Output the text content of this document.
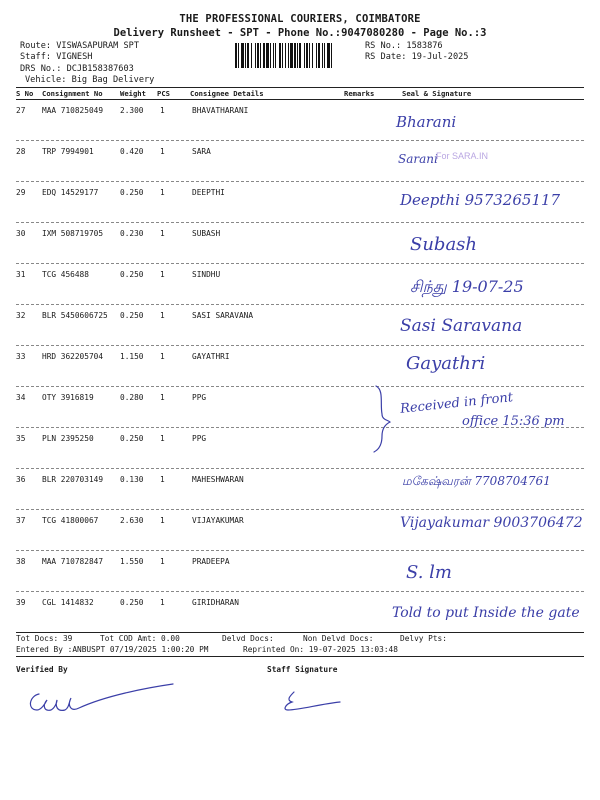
THE PROFESSIONAL COURIERS, COIMBATORE
Delivery Runsheet - SPT - Phone No.:9047080280 - Page No.:3
Route: VISWASAPURAM SPT
Staff: VIGNESH
DRS No.: DCJB158387603
Vehicle: Big Bag Delivery
RS No.: 1583876
RS Date: 19-Jul-2025
S No Consignment No Weight PCS	Consignee Details	Remarks	Seal & Signature
27 MAA 710825049 2.300 1	BHAVATHARANI
Bharani
28 TRP 7994901	0.420 1	SARA
Sarani
29 EDQ 14529177	0.250 1	DEEPTHI	Deepthi 9573265117
30 IXM 508719705 0.230 1	SUBASH
Subash
31 TCG 456488	0.250 1	SINDHU
சிந்து 19-07-25
32 BLR 5450606725 0.250 1	SASI SARAVANA
Sasi Saravana
33 HRD 362205704 1.150 1	GAYATHRI	Gayathri
34 OTY 3916819	0.280 1	PPG
35 PLN 2395250	0.250 1	PPG
36 BLR 220703149 0.130 1	MAHESHWARAN	மகேஷ்வரன் 7708704761
37 TCG 41800067	2.630 1	VIJAYAKUMAR	Vijayakumar 9003706472
38 MAA 710782847 1.550 1	PRADEEPA
S. lm
39 CGL 1414832	0.250 1	GIRIDHARAN
Told to put Inside the gate
For SARA.IN
Received in front
office 15:36 pm
Tot Docs: 39	Tot COD Amt: 0.00	Delvd Docs:	Non Delvd Docs:	Delvy Pts:
Entered By :ANBUSPT 07/19/2025 1:00:20 PM	Reprinted On: 19-07-2025 13:03:48
Verified By	Staff Signature
